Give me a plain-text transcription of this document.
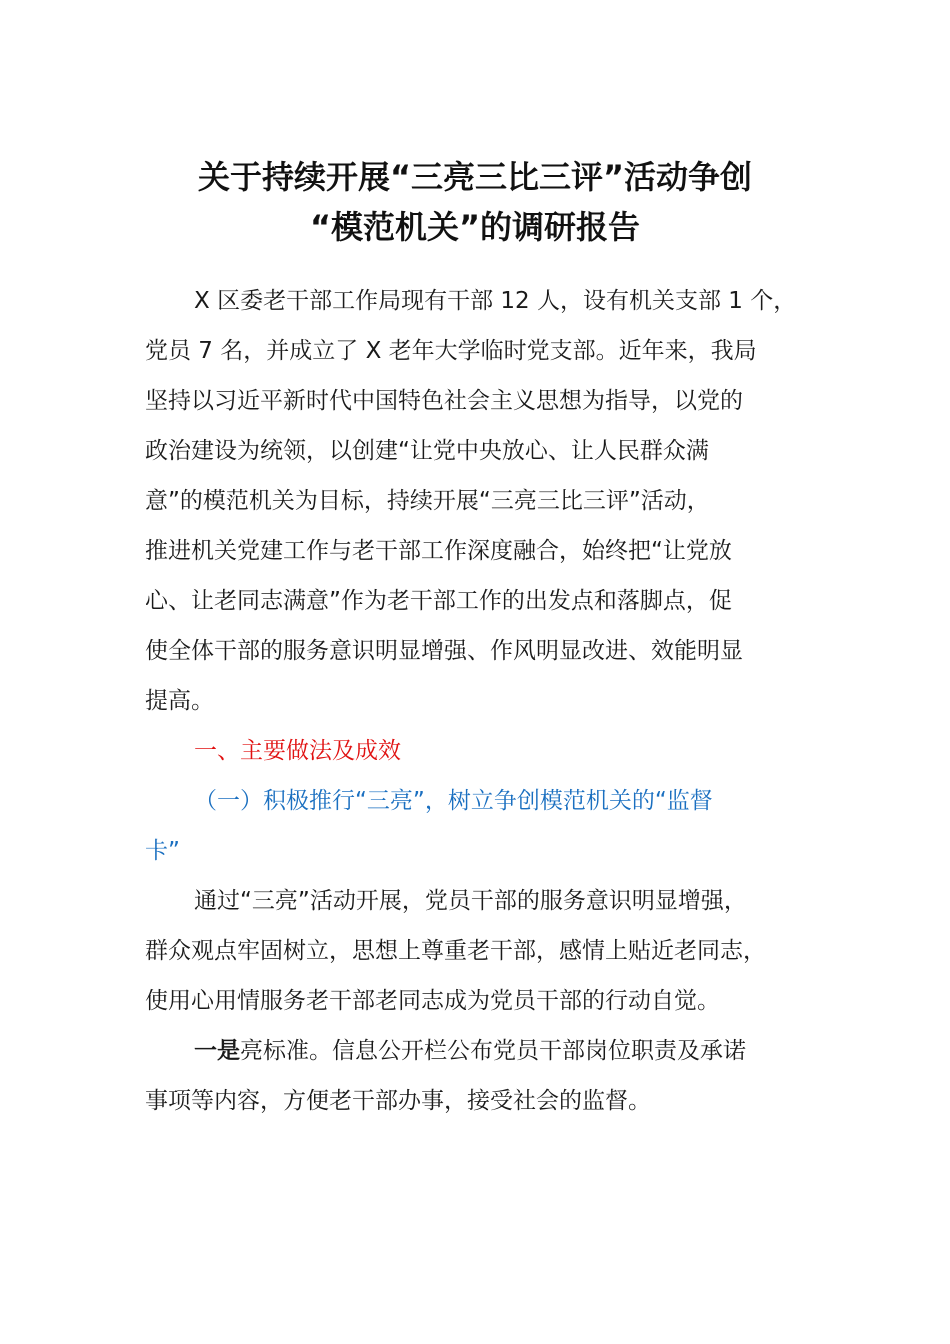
关于持续开展“三亮三比三评”活动争创
“模范机关”的调研报告
X 区委老干部工作局现有干部 12 人，设有机关支部 1 个，
党员 7 名，并成立了 X 老年大学临时党支部。近年来，我局
坚持以习近平新时代中国特色社会主义思想为指导，以党的
政治建设为统领，以创建“让党中央放心、让人民群众满
意”的模范机关为目标，持续开展“三亮三比三评”活动，
推进机关党建工作与老干部工作深度融合，始终把“让党放
心、让老同志满意”作为老干部工作的出发点和落脚点，促
使全体干部的服务意识明显增强、作风明显改进、效能明显
提高。
一、主要做法及成效
（一）积极推行“三亮”，树立争创模范机关的“监督
卡”
通过“三亮”活动开展，党员干部的服务意识明显增强，
群众观点牢固树立，思想上尊重老干部，感情上贴近老同志，
使用心用情服务老干部老同志成为党员干部的行动自觉。
一是亮标准。信息公开栏公布党员干部岗位职责及承诺
事项等内容，方便老干部办事，接受社会的监督。
